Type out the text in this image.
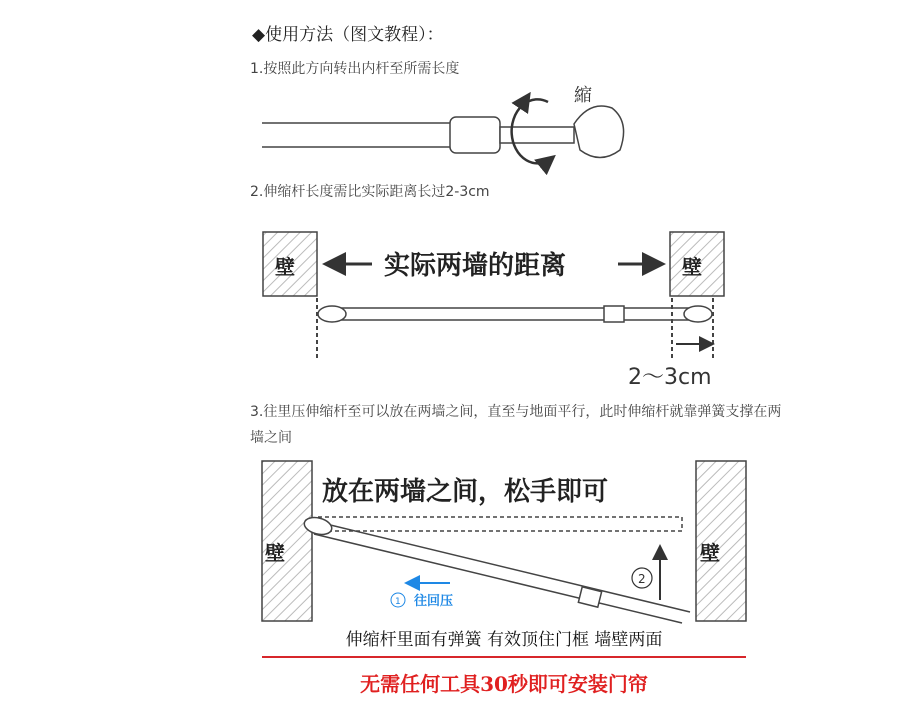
◆使用方法（图文教程）：
1.按照此方向转出内杆至所需长度
2.伸缩杆长度需比实际距离长过2-3cm
3.往里压伸缩杆至可以放在两墙之间，直至与地面平行，此时伸缩杆就靠弹簧支撑在两墙之间
縮
壁	壁
实际两墙的距离
2～3cm
壁	壁
放在两墙之间，松手即可
2
1 往回压
伸缩杆里面有弹簧 有效顶住门框 墙壁两面
无需任何工具30秒即可安装门帘
